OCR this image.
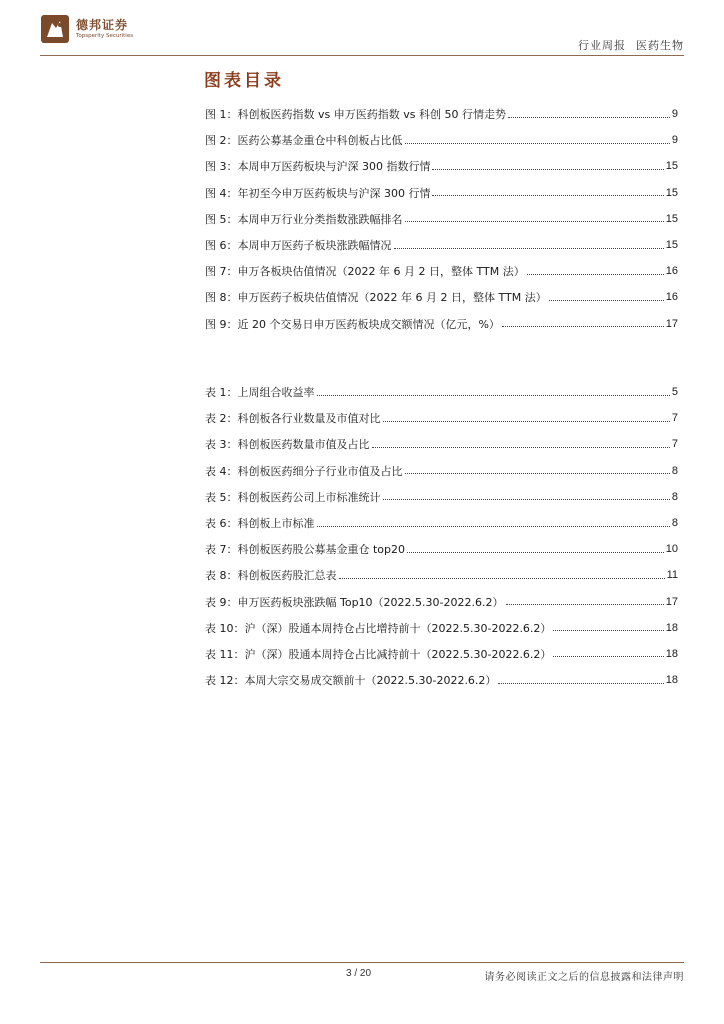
德邦证券
Topsperity Securities
行业周报 医药生物
图表目录
图 1：科创板医药指数 vs 申万医药指数 vs 科创 50 行情走势	9
图 2：医药公募基金重仓中科创板占比低	9
图 3：本周申万医药板块与沪深 300 指数行情	15
图 4：年初至今申万医药板块与沪深 300 行情	15
图 5：本周申万行业分类指数涨跌幅排名	15
图 6：本周申万医药子板块涨跌幅情况	15
图 7：申万各板块估值情况（2022 年 6 月 2 日，整体 TTM 法）	16
图 8：申万医药子板块估值情况（2022 年 6 月 2 日，整体 TTM 法）	16
图 9：近 20 个交易日申万医药板块成交额情况（亿元，%）	17
表 1：上周组合收益率	5
表 2：科创板各行业数量及市值对比	7
表 3：科创板医药数量市值及占比	7
表 4：科创板医药细分子行业市值及占比	8
表 5：科创板医药公司上市标准统计	8
表 6：科创板上市标准	8
表 7：科创板医药股公募基金重仓 top20	10
表 8：科创板医药股汇总表	11
表 9：申万医药板块涨跌幅 Top10（2022.5.30-2022.6.2）	17
表 10：沪（深）股通本周持仓占比增持前十（2022.5.30-2022.6.2）	18
表 11：沪（深）股通本周持仓占比减持前十（2022.5.30-2022.6.2）	18
表 12：本周大宗交易成交额前十（2022.5.30-2022.6.2）	18
3 / 20	请务必阅读正文之后的信息披露和法律声明
